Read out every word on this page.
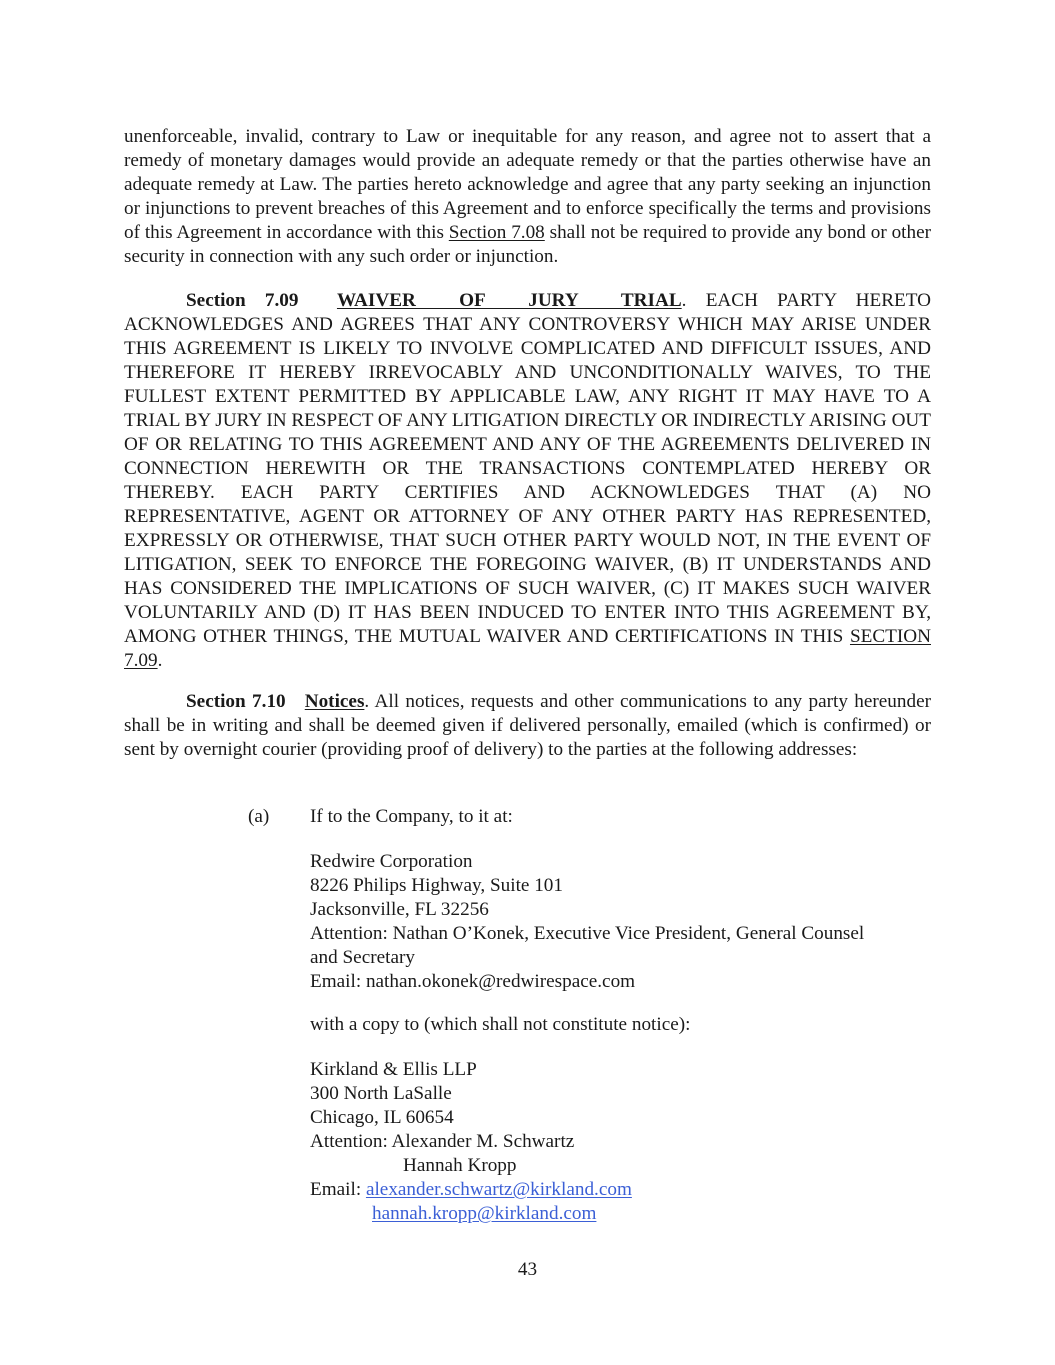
unenforceable, invalid, contrary to Law or inequitable for any reason, and agree not to assert that a remedy of monetary damages would provide an adequate remedy or that the parties otherwise have an adequate remedy at Law. The parties hereto acknowledge and agree that any party seeking an injunction or injunctions to prevent breaches of this Agreement and to enforce specifically the terms and provisions of this Agreement in accordance with this Section 7.08 shall not be required to provide any bond or other security in connection with any such order or injunction.

Section 7.09 WAIVER OF JURY TRIAL. EACH PARTY HERETO ACKNOWLEDGES AND AGREES THAT ANY CONTROVERSY WHICH MAY ARISE UNDER THIS AGREEMENT IS LIKELY TO INVOLVE COMPLICATED AND DIFFICULT ISSUES, AND THEREFORE IT HEREBY IRREVOCABLY AND UNCONDITIONALLY WAIVES, TO THE FULLEST EXTENT PERMITTED BY APPLICABLE LAW, ANY RIGHT IT MAY HAVE TO A TRIAL BY JURY IN RESPECT OF ANY LITIGATION DIRECTLY OR INDIRECTLY ARISING OUT OF OR RELATING TO THIS AGREEMENT AND ANY OF THE AGREEMENTS DELIVERED IN CONNECTION HEREWITH OR THE TRANSACTIONS CONTEMPLATED HEREBY OR THEREBY. EACH PARTY CERTIFIES AND ACKNOWLEDGES THAT (A) NO REPRESENTATIVE, AGENT OR ATTORNEY OF ANY OTHER PARTY HAS REPRESENTED, EXPRESSLY OR OTHERWISE, THAT SUCH OTHER PARTY WOULD NOT, IN THE EVENT OF LITIGATION, SEEK TO ENFORCE THE FOREGOING WAIVER, (B) IT UNDERSTANDS AND HAS CONSIDERED THE IMPLICATIONS OF SUCH WAIVER, (C) IT MAKES SUCH WAIVER VOLUNTARILY AND (D) IT HAS BEEN INDUCED TO ENTER INTO THIS AGREEMENT BY, AMONG OTHER THINGS, THE MUTUAL WAIVER AND CERTIFICATIONS IN THIS SECTION 7.09.

Section 7.10 Notices. All notices, requests and other communications to any party hereunder shall be in writing and shall be deemed given if delivered personally, emailed (which is confirmed) or sent by overnight courier (providing proof of delivery) to the parties at the following addresses:

(a) If to the Company, to it at:
Redwire Corporation
8226 Philips Highway, Suite 101
Jacksonville, FL 32256
Attention: Nathan O’Konek, Executive Vice President, General Counsel
and Secretary
Email: nathan.okonek@redwirespace.com
with a copy to (which shall not constitute notice):
Kirkland & Ellis LLP
300 North LaSalle
Chicago, IL 60654
Attention: Alexander M. Schwartz
Hannah Kropp
Email: alexander.schwartz@kirkland.com
hannah.kropp@kirkland.com
43
